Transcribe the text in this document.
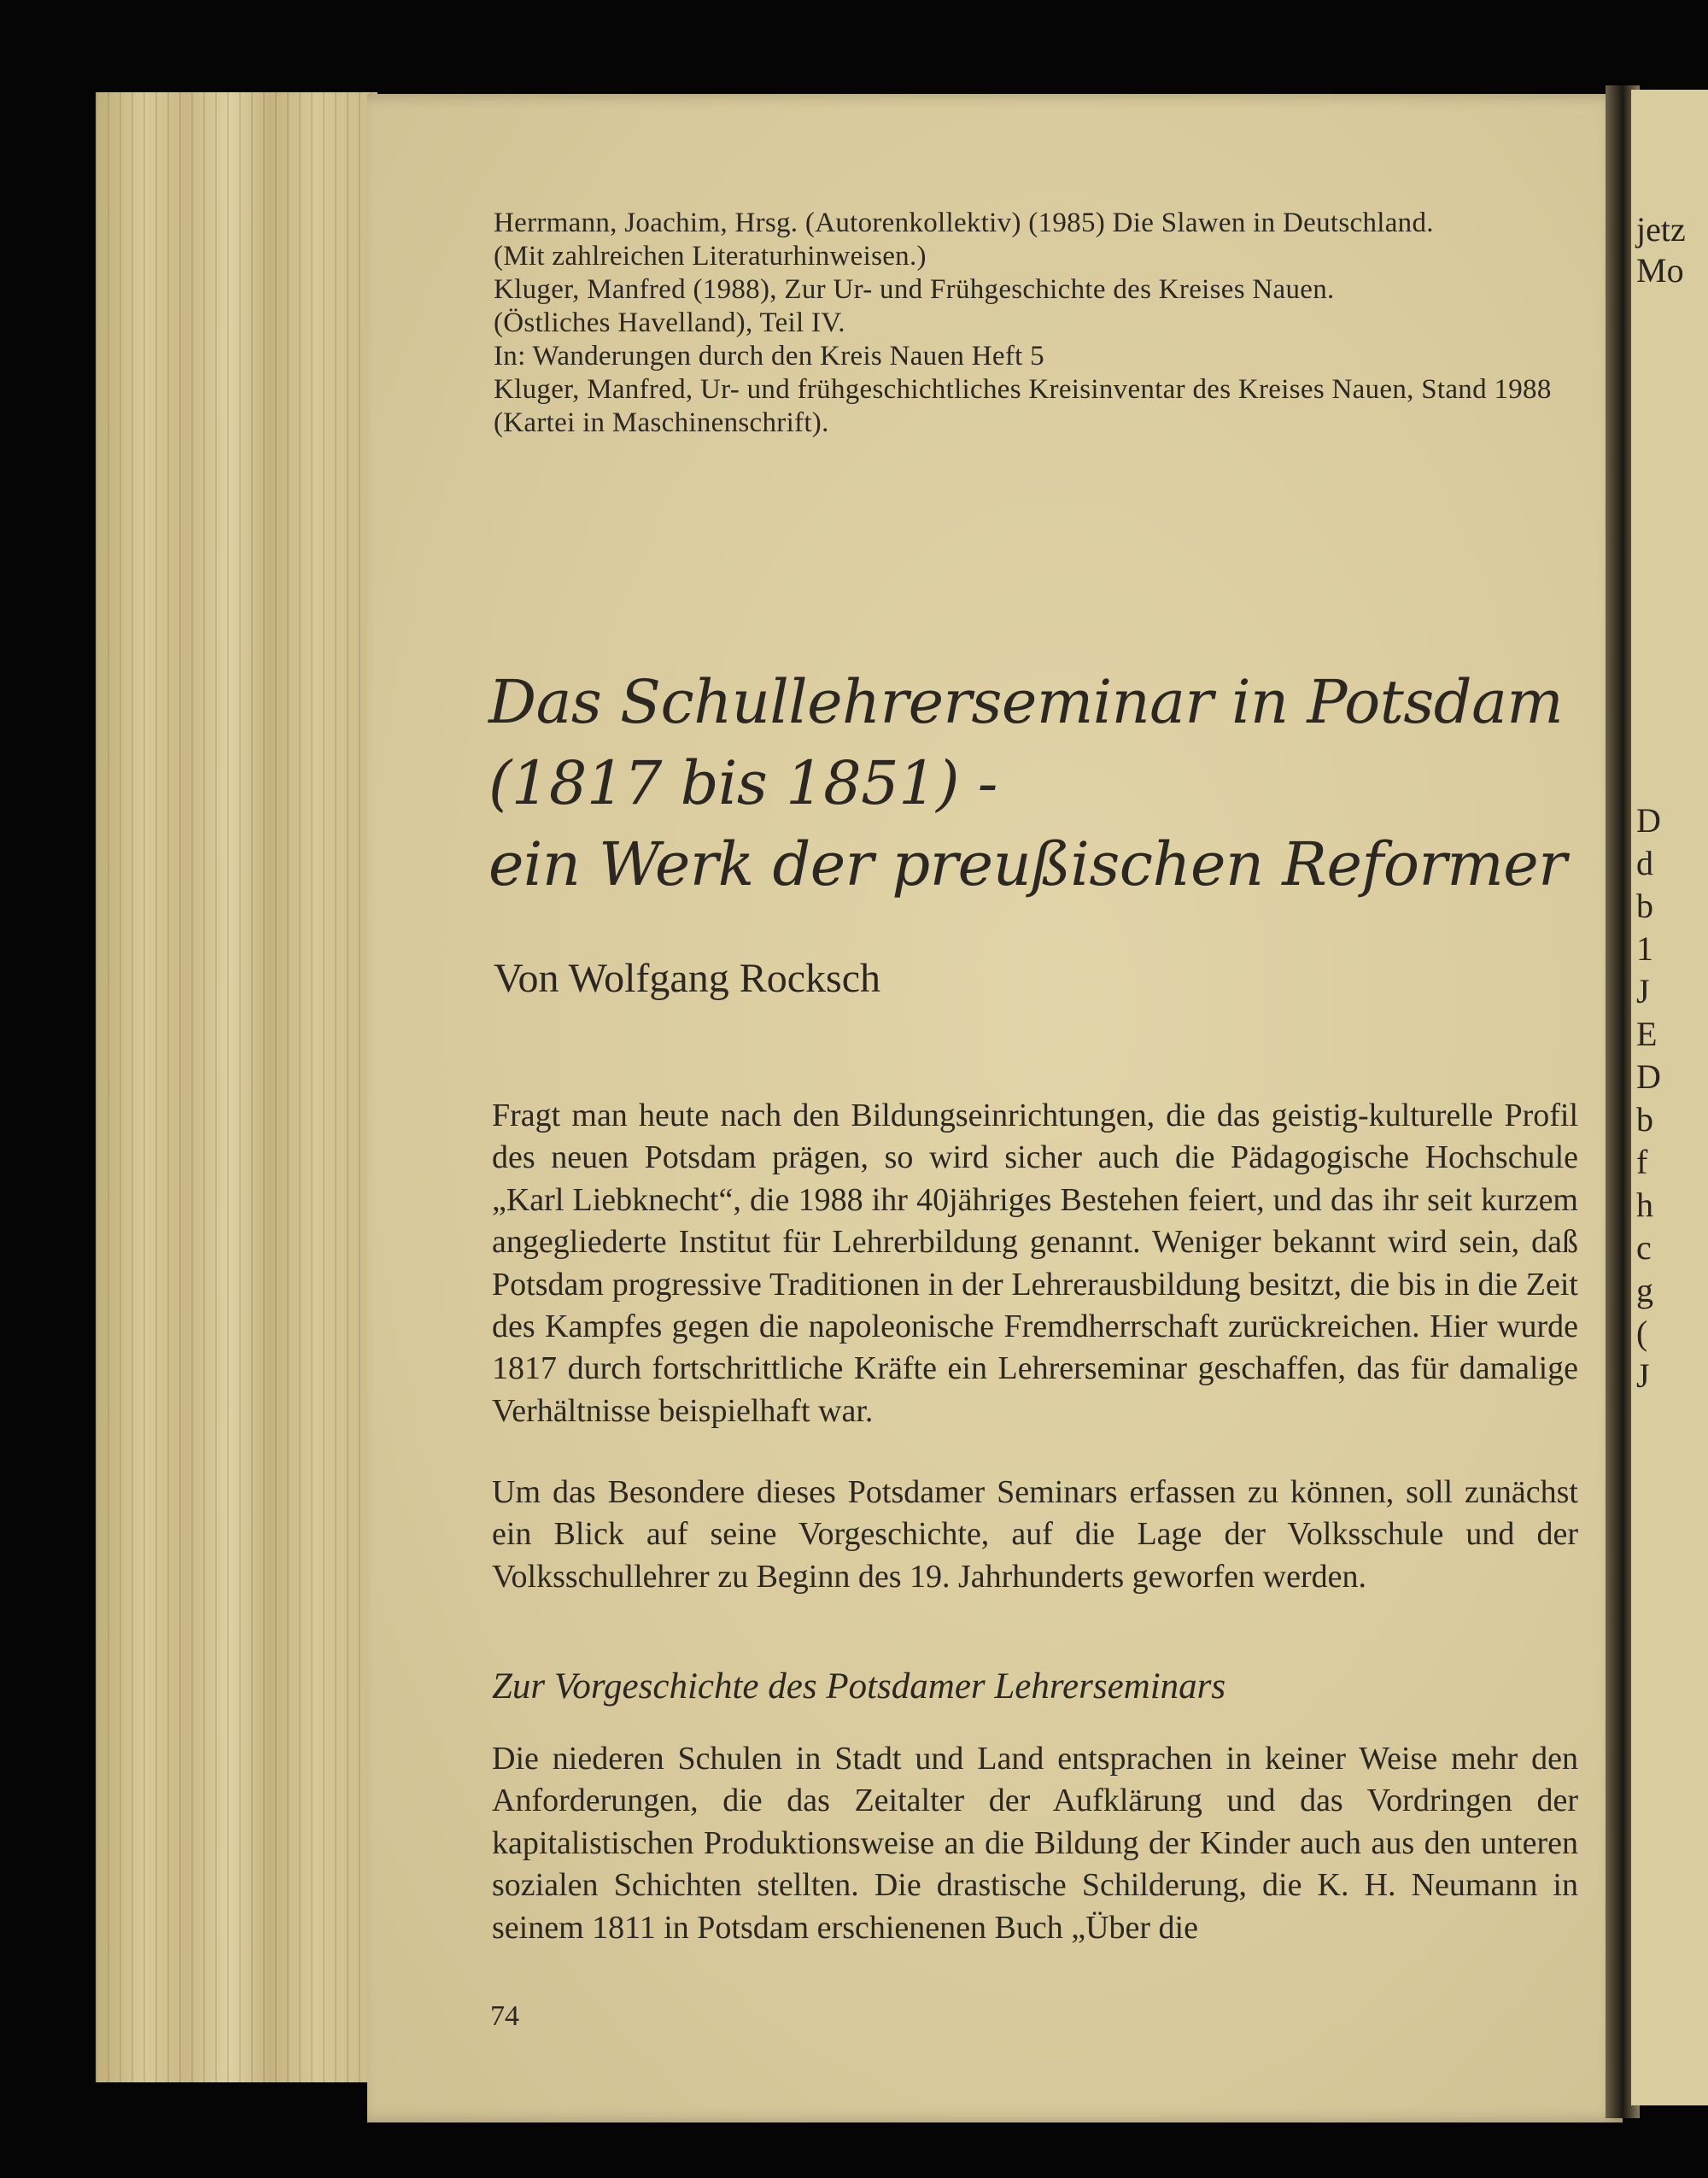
jetz
Mo
D
d
b
1
J
E
D
b
f
h
c
g
(
J
Herrmann, Joachim, Hrsg. (Autorenkollektiv) (1985) Die Slawen in Deutschland.
(Mit zahlreichen Literaturhinweisen.)
Kluger, Manfred (1988), Zur Ur- und Frühgeschichte des Kreises Nauen.
(Östliches Havelland), Teil IV.
In: Wanderungen durch den Kreis Nauen Heft 5
Kluger, Manfred, Ur- und frühgeschichtliches Kreisinventar des Kreises Nauen, Stand 1988
(Kartei in Maschinenschrift).
Das Schullehrerseminar in Potsdam
(1817 bis 1851) -
ein Werk der preußischen Reformer
Von Wolfgang Rocksch

Fragt man heute nach den Bildungseinrichtungen, die das geistig-kulturelle Profil des neuen Potsdam prägen, so wird sicher auch die Pädagogische Hochschule „Karl Liebknecht“, die 1988 ihr 40jähriges Bestehen feiert, und das ihr seit kurzem angegliederte Institut für Lehrerbildung genannt. Weniger bekannt wird sein, daß Potsdam progressive Traditionen in der Lehrerausbildung besitzt, die bis in die Zeit des Kampfes gegen die napoleonische Fremdherrschaft zurückreichen. Hier wurde 1817 durch fortschrittliche Kräfte ein Lehrerseminar geschaffen, das für damalige Verhältnisse beispielhaft war.

Um das Besondere dieses Potsdamer Seminars erfassen zu können, soll zunächst ein Blick auf seine Vorgeschichte, auf die Lage der Volksschule und der Volksschullehrer zu Beginn des 19. Jahrhunderts geworfen werden.

Zur Vorgeschichte des Potsdamer Lehrerseminars

Die niederen Schulen in Stadt und Land entsprachen in keiner Weise mehr den Anforderungen, die das Zeitalter der Aufklärung und das Vordringen der kapitalistischen Produktionsweise an die Bildung der Kinder auch aus den unteren sozialen Schichten stellten. Die drastische Schilderung, die K. H. Neumann in seinem 1811 in Potsdam erschienenen Buch „Über die

74
